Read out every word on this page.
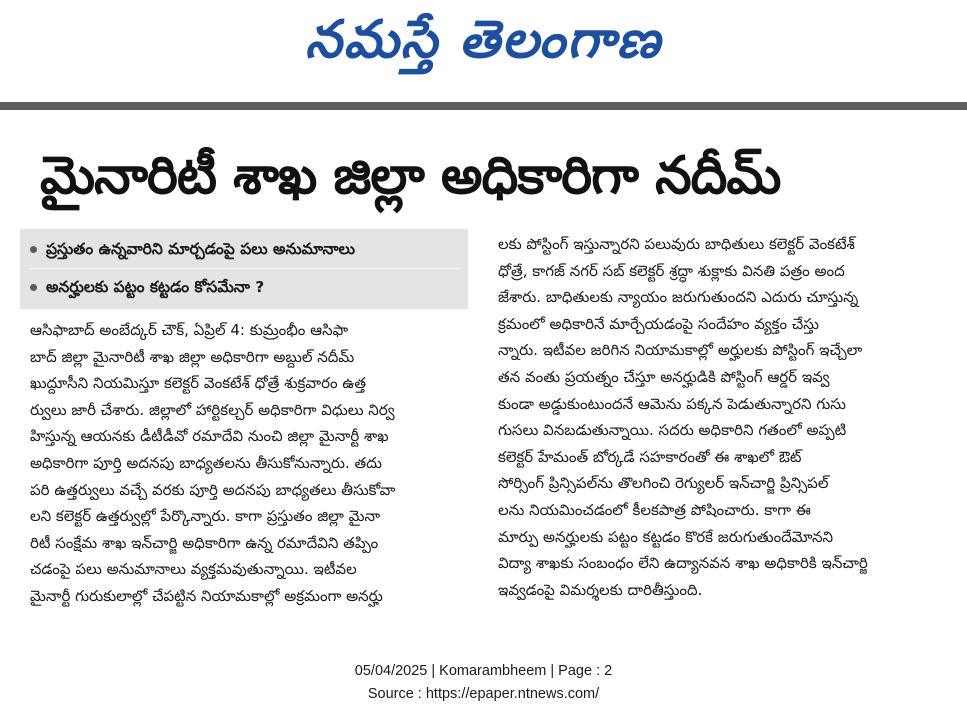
నమస్తే తెలంగాణ
మైనారిటీ శాఖ జిల్లా అధికారిగా నదీమ్
ప్రస్తుతం ఉన్నవారిని మార్చడంపై పలు అనుమానాలు
అనర్హులకు పట్టం కట్టడం కోసమేనా ?
ఆసిఫాబాద్ అంబేద్కర్ చౌక్, ఏప్రిల్ 4: కుమ్రంభీం ఆసిఫా
బాద్ జిల్లా మైనారిటీ శాఖ జిల్లా అధికారిగా అబ్దుల్ నదీమ్
ఖుద్దూసీని నియమిస్తూ కలెక్టర్ వెంకటేశ్ ధోత్రే శుక్రవారం ఉత్త
ర్వులు జారీ చేశారు. జిల్లాలో హార్టికల్చర్ అధికారిగా విధులు నిర్వ
హిస్తున్న ఆయనకు డీటీడీవో రమాదేవి నుంచి జిల్లా మైనార్టీ శాఖ
అధికారిగా పూర్తి అదనపు బాధ్యతలను తీసుకోనున్నారు. తదు
పరి ఉత్తర్వులు వచ్చే వరకు పూర్తి అదనపు బాధ్యతలు తీసుకోవా
లని కలెక్టర్ ఉత్తర్వుల్లో పేర్కొన్నారు. కాగా ప్రస్తుతం జిల్లా మైనా
రిటీ సంక్షేమ శాఖ ఇన్‌చార్జి అధికారిగా ఉన్న రమాదేవిని తప్పిం
చడంపై పలు అనుమానాలు వ్యక్తమవుతున్నాయి. ఇటీవల
మైనార్టీ గురుకులాల్లో చేపట్టిన నియామకాల్లో అక్రమంగా అనర్హు
లకు పోస్టింగ్ ఇస్తున్నారని పలువురు బాధితులు కలెక్టర్ వెంకటేశ్
ధోత్రే, కాగజ్ నగర్ సబ్ కలెక్టర్ శ్రద్ధా శుక్లాకు వినతి పత్రం అంద
జేశారు. బాధితులకు న్యాయం జరుగుతుందని ఎదురు చూస్తున్న
క్రమంలో అధికారినే మార్చేయడంపై సందేహం వ్యక్తం చేస్తు
న్నారు. ఇటీవల జరిగిన నియామకాల్లో అర్హులకు పోస్టింగ్ ఇచ్చేలా
తన వంతు ప్రయత్నం చేస్తూ అనర్హుడికి పోస్టింగ్ ఆర్డర్ ఇవ్వ
కుండా అడ్డుకుంటుందనే ఆమెను పక్కన పెడుతున్నారని గుసు
గుసలు వినబడుతున్నాయి. సదరు అధికారిని గతంలో అప్పటి
కలెక్టర్ హేమంత్ బోర్కడే సహకారంతో ఈ శాఖలో ఔట్
సోర్సింగ్ ప్రిన్సిపల్‌ను తొలగించి రెగ్యులర్ ఇన్‌చార్జి ప్రిన్సిపల్
లను నియమించడంలో కీలకపాత్ర పోషించారు. కాగా ఈ
మార్పు అనర్హులకు పట్టం కట్టడం కొరకే జరుగుతుందేమోనని
విద్యా శాఖకు సంబంధం లేని ఉద్యానవన శాఖ అధికారికి ఇన్‌చార్జి
ఇవ్వడంపై విమర్శలకు దారితీస్తుంది.
05/04/2025 | Komarambheem | Page : 2
Source : https://epaper.ntnews.com/
